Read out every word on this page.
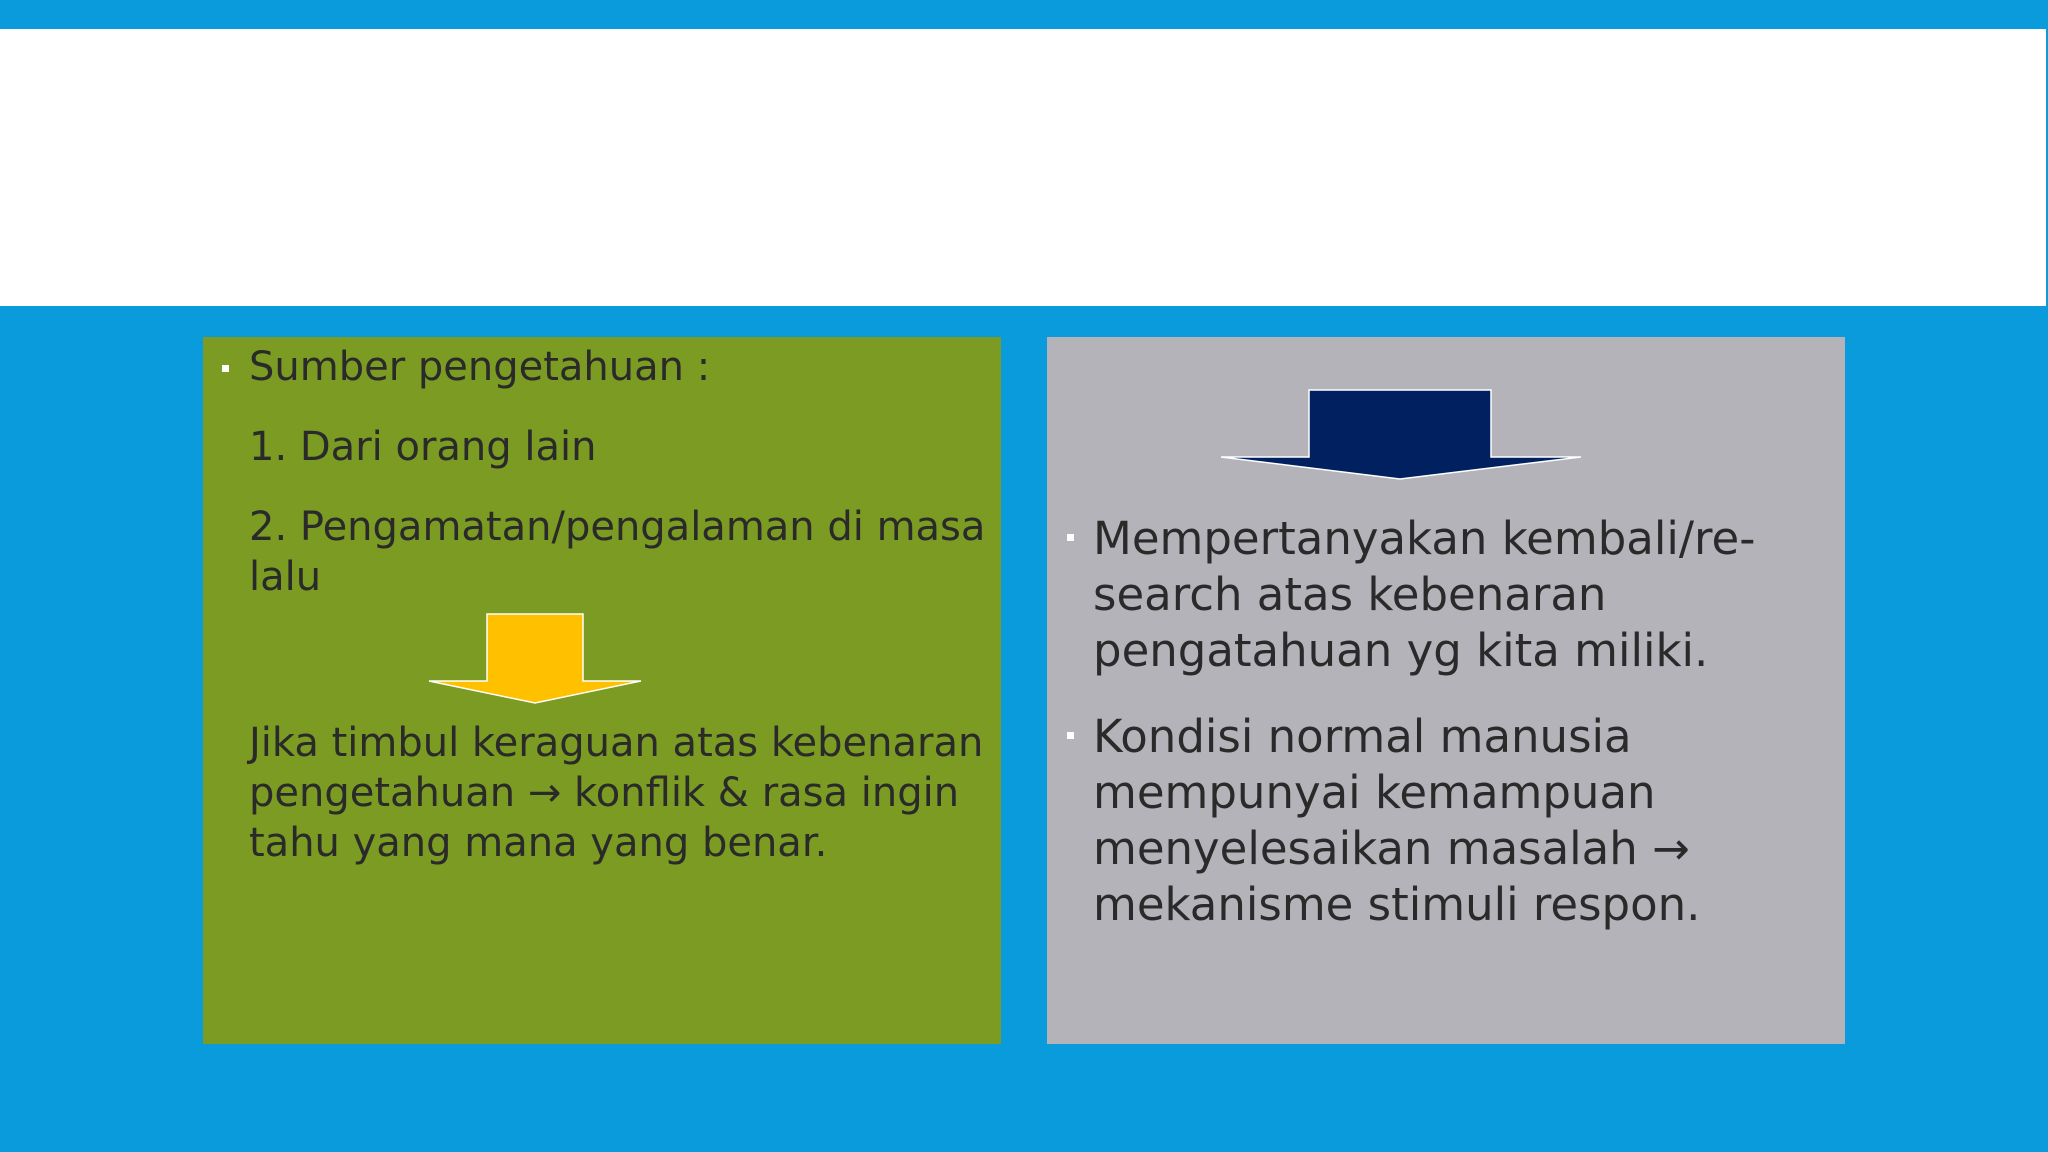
Sumber pengetahuan :

1. Dari orang lain

2. Pengamatan/pengalaman di masa

lalu

Jika timbul keraguan atas kebenaran

pengetahuan → konflik & rasa ingin

tahu yang mana yang benar.

Mempertanyakan kembali/re-

search atas kebenaran

pengatahuan yg kita miliki.

Kondisi normal manusia

mempunyai kemampuan

menyelesaikan masalah →

mekanisme stimuli respon.
